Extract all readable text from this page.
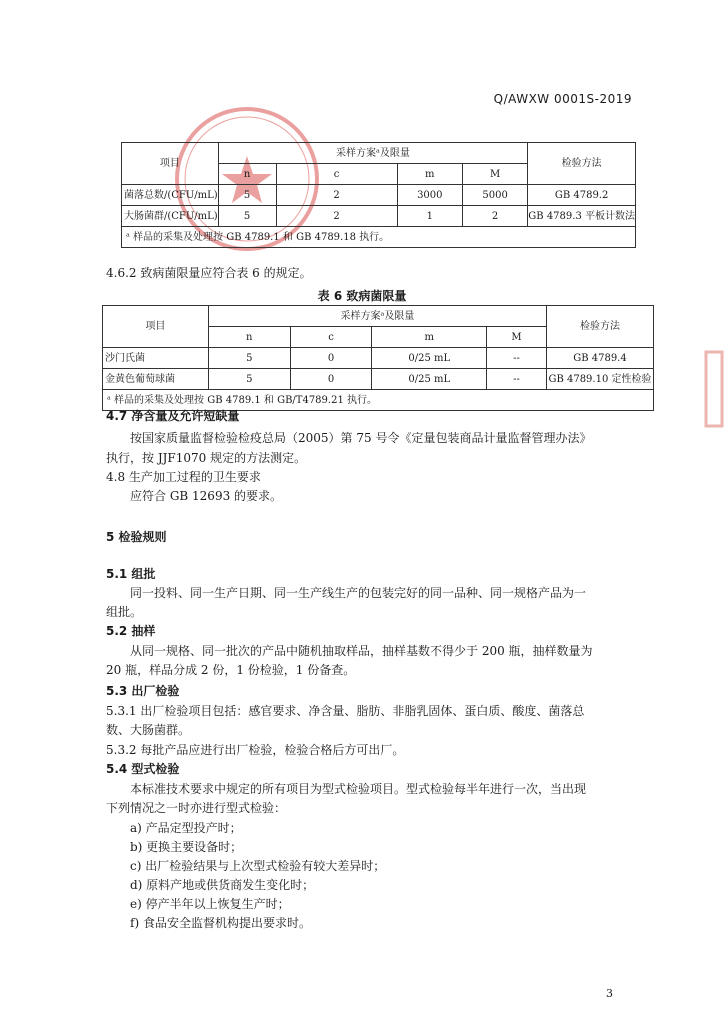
Q/AWXW 0001S-2019
项目	采样方案ᵃ及限量				检验方法
	n	c	m	M	
菌落总数/(CFU/mL)	5	2	3000	5000	GB 4789.2
大肠菌群/(CFU/mL)	5	2	1	2	GB 4789.3 平板计数法
ᵃ 样品的采集及处理按 GB 4789.1 和 GB 4789.18 执行。					
4.6.2 致病菌限量应符合表 6 的规定。
表 6 致病菌限量
项目	采样方案ᵃ及限量				检验方法
	n	c	m	M	
沙门氏菌	5	0	0/25 mL	--	GB 4789.4
金黄色葡萄球菌	5	0	0/25 mL	--	GB 4789.10 定性检验
ᵃ 样品的采集及处理按 GB 4789.1 和 GB/T4789.21 执行。					
4.7 净含量及允许短缺量
按国家质量监督检验检疫总局（2005）第 75 号令《定量包装商品计量监督管理办法》
执行，按 JJF1070 规定的方法测定。
4.8 生产加工过程的卫生要求
应符合 GB 12693 的要求。
5 检验规则
5.1 组批
同一投料、同一生产日期、同一生产线生产的包装完好的同一品种、同一规格产品为一
组批。
5.2 抽样
从同一规格、同一批次的产品中随机抽取样品，抽样基数不得少于 200 瓶，抽样数量为
20 瓶，样品分成 2 份，1 份检验，1 份备查。
5.3 出厂检验
5.3.1 出厂检验项目包括：感官要求、净含量、脂肪、非脂乳固体、蛋白质、酸度、菌落总
数、大肠菌群。
5.3.2 每批产品应进行出厂检验，检验合格后方可出厂。
5.4 型式检验
本标准技术要求中规定的所有项目为型式检验项目。型式检验每半年进行一次，当出现
下列情况之一时亦进行型式检验：
a) 产品定型投产时；
b) 更换主要设备时；
c) 出厂检验结果与上次型式检验有较大差异时；
d) 原料产地或供货商发生变化时；
e) 停产半年以上恢复生产时；
f) 食品安全监督机构提出要求时。
3
